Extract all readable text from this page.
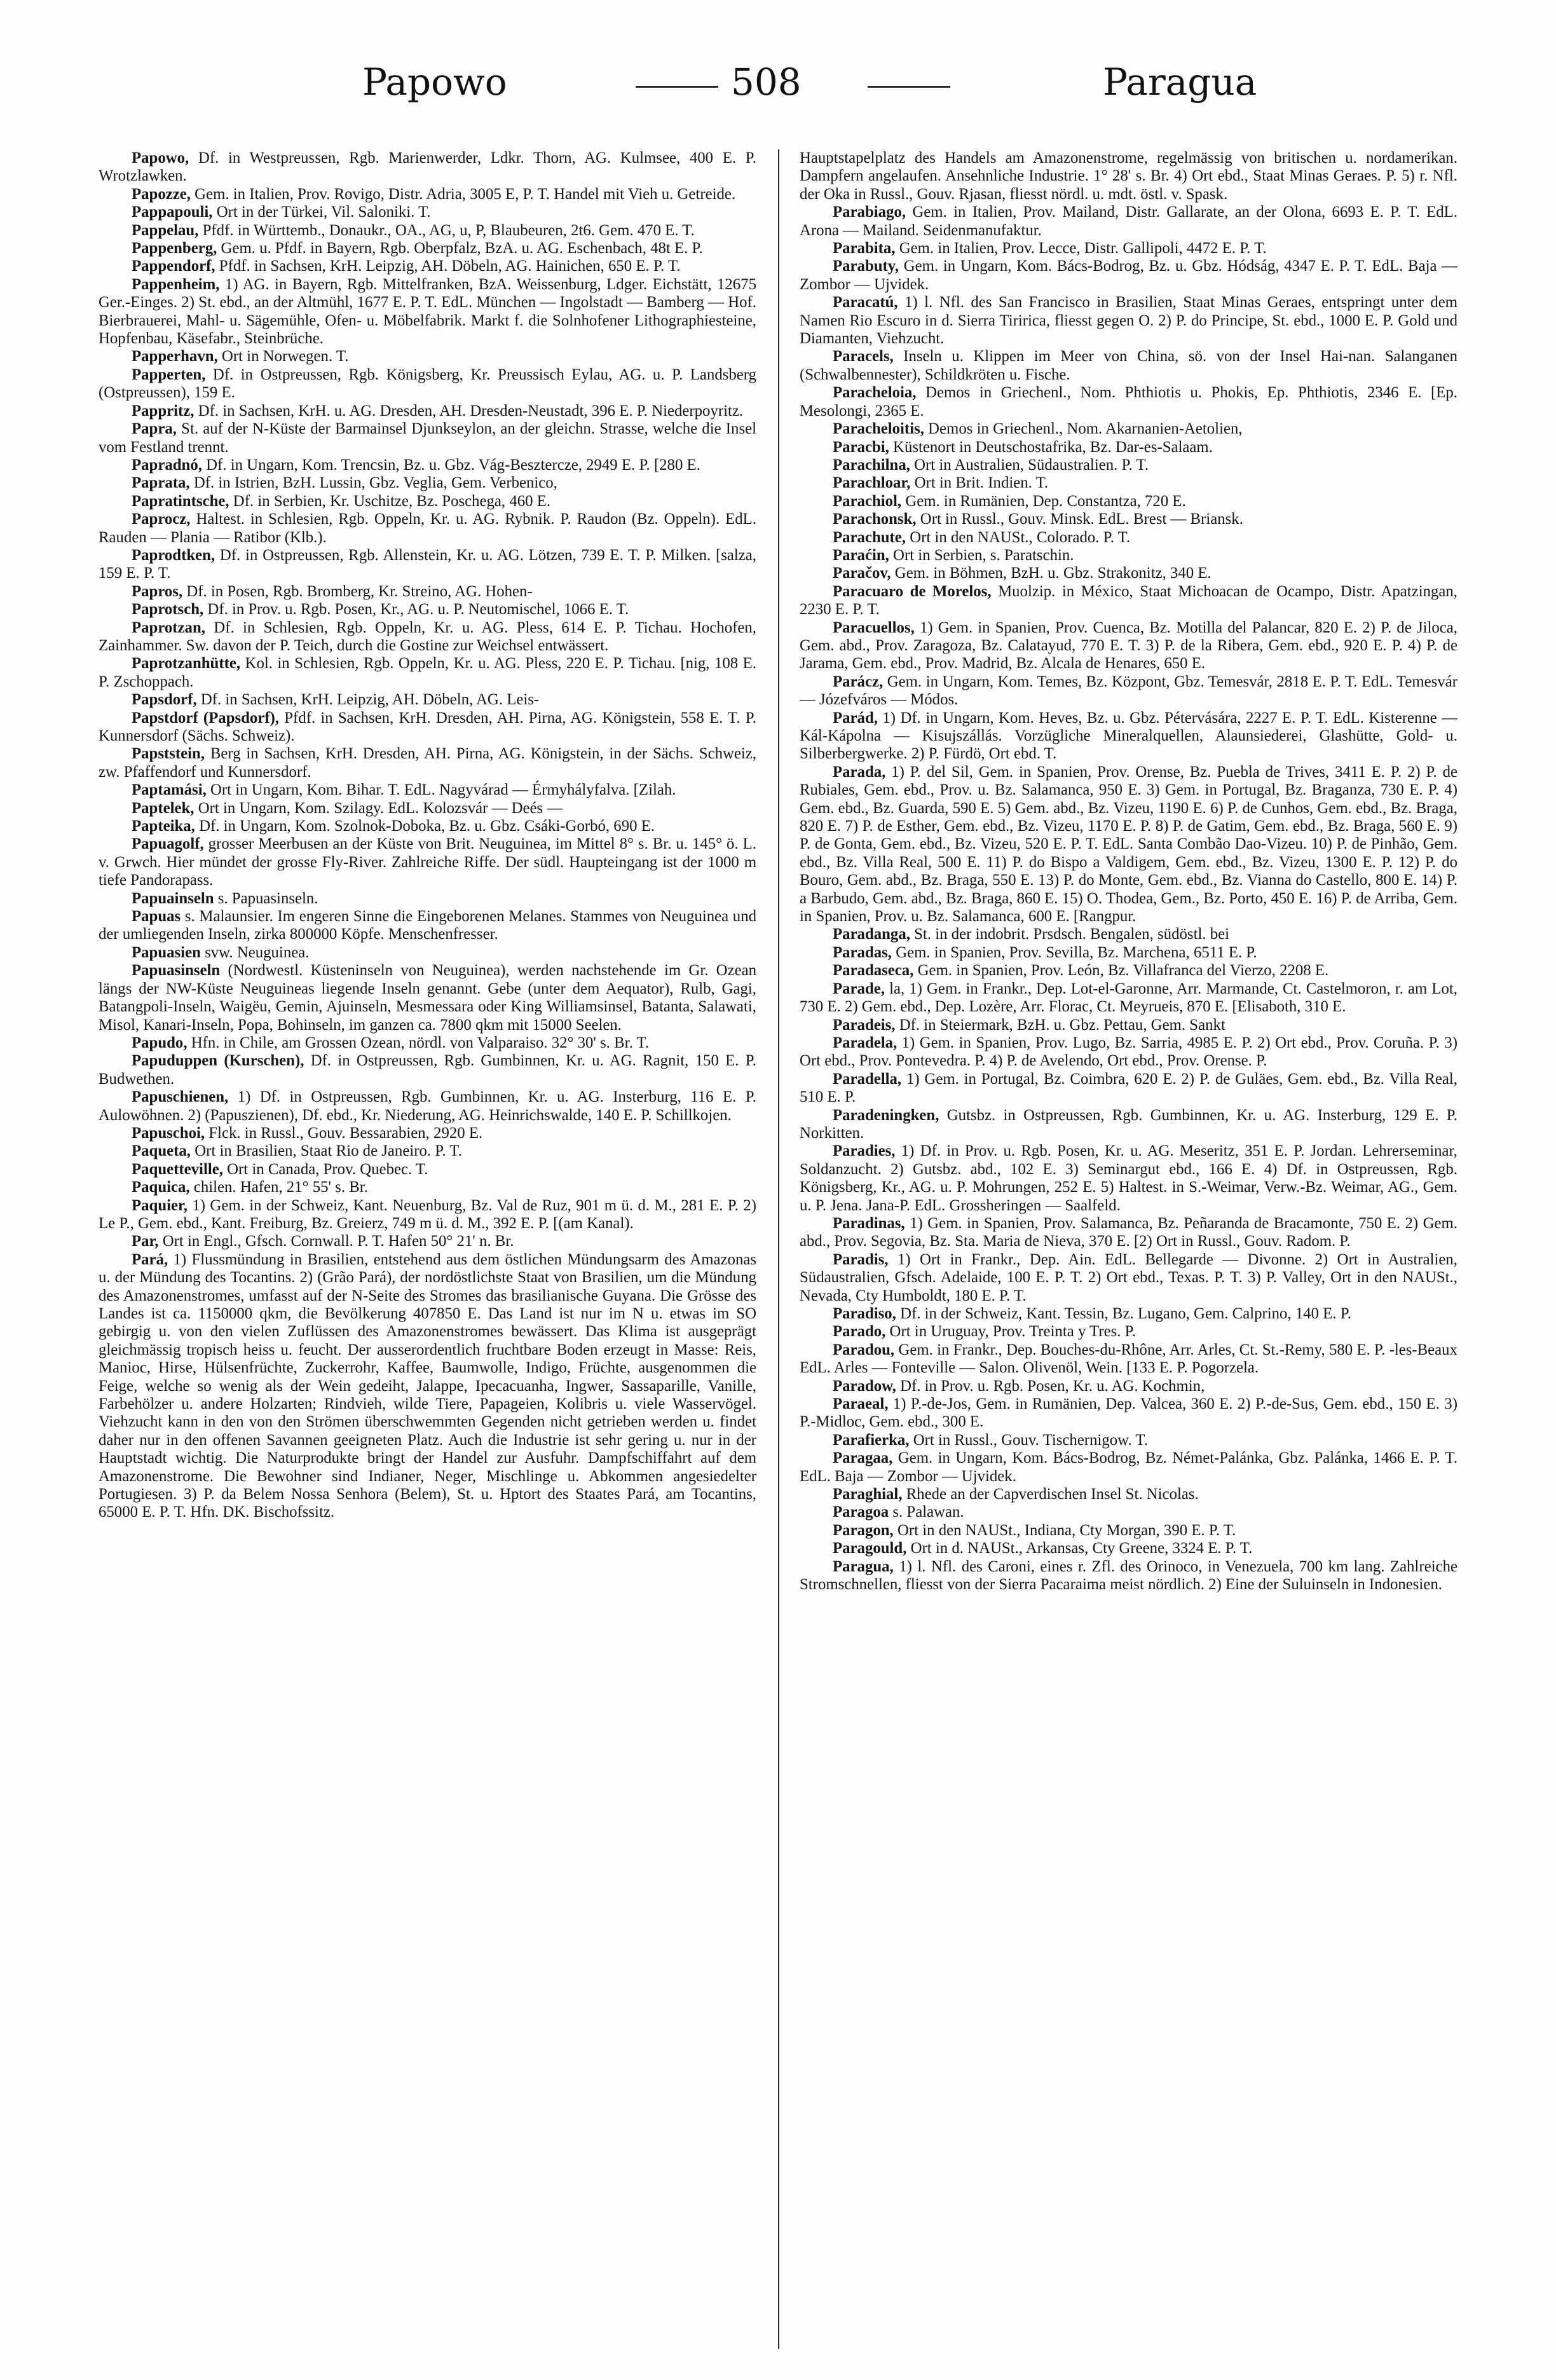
Papowo	508	Paragua

Papowo, Df. in Westpreussen, Rgb. Marienwerder, Ldkr. Thorn, AG. Kulmsee, 400 E. P. Wrotzlawken.

Papozze, Gem. in Italien, Prov. Rovigo, Distr. Adria, 3005 E, P. T. Handel mit Vieh u. Getreide.

Pappapouli, Ort in der Türkei, Vil. Saloniki. T.

Pappelau, Pfdf. in Württemb., Donaukr., OA., AG, u, P, Blaubeuren, 2t6. Gem. 470 E. T.

Pappenberg, Gem. u. Pfdf. in Bayern, Rgb. Oberpfalz, BzA. u. AG. Eschenbach, 48t E. P.

Pappendorf, Pfdf. in Sachsen, KrH. Leipzig, AH. Döbeln, AG. Hainichen, 650 E. P. T.

Pappenheim, 1) AG. in Bayern, Rgb. Mittelfranken, BzA. Weissenburg, Ldger. Eichstätt, 12675 Ger.-Einges. 2) St. ebd., an der Altmühl, 1677 E. P. T. EdL. München — Ingolstadt — Bamberg — Hof. Bierbrauerei, Mahl- u. Sägemühle, Ofen- u. Möbelfabrik. Markt f. die Solnhofener Lithographiesteine, Hopfenbau, Käsefabr., Steinbrüche.

Papperhavn, Ort in Norwegen. T.

Papperten, Df. in Ostpreussen, Rgb. Königsberg, Kr. Preussisch Eylau, AG. u. P. Landsberg (Ostpreussen), 159 E.

Pappritz, Df. in Sachsen, KrH. u. AG. Dresden, AH. Dresden-Neustadt, 396 E. P. Niederpoyritz.

Papra, St. auf der N-Küste der Barmainsel Djunkseylon, an der gleichn. Strasse, welche die Insel vom Festland trennt.

Papradnó, Df. in Ungarn, Kom. Trencsin, Bz. u. Gbz. Vág-Besztercze, 2949 E. P. [280 E.

Paprata, Df. in Istrien, BzH. Lussin, Gbz. Veglia, Gem. Verbenico,

Papratintsche, Df. in Serbien, Kr. Uschitze, Bz. Poschega, 460 E.

Paprocz, Haltest. in Schlesien, Rgb. Oppeln, Kr. u. AG. Rybnik. P. Raudon (Bz. Oppeln). EdL. Rauden — Plania — Ratibor (Klb.).

Paprodtken, Df. in Ostpreussen, Rgb. Allenstein, Kr. u. AG. Lötzen, 739 E. T. P. Milken. [salza, 159 E. P. T.

Papros, Df. in Posen, Rgb. Bromberg, Kr. Streino, AG. Hohen-

Paprotsch, Df. in Prov. u. Rgb. Posen, Kr., AG. u. P. Neutomischel, 1066 E. T.

Paprotzan, Df. in Schlesien, Rgb. Oppeln, Kr. u. AG. Pless, 614 E. P. Tichau. Hochofen, Zainhammer. Sw. davon der P. Teich, durch die Gostine zur Weichsel entwässert.

Paprotzanhütte, Kol. in Schlesien, Rgb. Oppeln, Kr. u. AG. Pless, 220 E. P. Tichau. [nig, 108 E. P. Zschoppach.

Papsdorf, Df. in Sachsen, KrH. Leipzig, AH. Döbeln, AG. Leis-

Papstdorf (Papsdorf), Pfdf. in Sachsen, KrH. Dresden, AH. Pirna, AG. Königstein, 558 E. T. P. Kunnersdorf (Sächs. Schweiz).

Papststein, Berg in Sachsen, KrH. Dresden, AH. Pirna, AG. Königstein, in der Sächs. Schweiz, zw. Pfaffendorf und Kunnersdorf.

Paptamási, Ort in Ungarn, Kom. Bihar. T. EdL. Nagyvárad — Érmyhályfalva. [Zilah.

Paptelek, Ort in Ungarn, Kom. Szilagy. EdL. Kolozsvár — Deés —

Papteika, Df. in Ungarn, Kom. Szolnok-Doboka, Bz. u. Gbz. Csáki-Gorbó, 690 E.

Papuagolf, grosser Meerbusen an der Küste von Brit. Neuguinea, im Mittel 8° s. Br. u. 145° ö. L. v. Grwch. Hier mündet der grosse Fly-River. Zahlreiche Riffe. Der südl. Haupteingang ist der 1000 m tiefe Pandorapass.

Papuainseln s. Papuasinseln.

Papuas s. Malaunsier. Im engeren Sinne die Eingeborenen Melanes. Stammes von Neuguinea und der umliegenden Inseln, zirka 800000 Köpfe. Menschenfresser.

Papuasien svw. Neuguinea.

Papuasinseln (Nordwestl. Küsteninseln von Neuguinea), werden nachstehende im Gr. Ozean längs der NW-Küste Neuguineas liegende Inseln genannt. Gebe (unter dem Aequator), Rulb, Gagi, Batangpoli-Inseln, Waigëu, Gemin, Ajuinseln, Mesmessara oder King Williamsinsel, Batanta, Salawati, Misol, Kanari-Inseln, Popa, Bohinseln, im ganzen ca. 7800 qkm mit 15000 Seelen.

Papudo, Hfn. in Chile, am Grossen Ozean, nördl. von Valparaiso. 32° 30' s. Br. T.

Papuduppen (Kurschen), Df. in Ostpreussen, Rgb. Gumbinnen, Kr. u. AG. Ragnit, 150 E. P. Budwethen.

Papuschienen, 1) Df. in Ostpreussen, Rgb. Gumbinnen, Kr. u. AG. Insterburg, 116 E. P. Aulowöhnen. 2) (Papuszienen), Df. ebd., Kr. Niederung, AG. Heinrichswalde, 140 E. P. Schillkojen.

Papuschoi, Flck. in Russl., Gouv. Bessarabien, 2920 E.

Paqueta, Ort in Brasilien, Staat Rio de Janeiro. P. T.

Paquetteville, Ort in Canada, Prov. Quebec. T.

Paquica, chilen. Hafen, 21° 55' s. Br.

Paquier, 1) Gem. in der Schweiz, Kant. Neuenburg, Bz. Val de Ruz, 901 m ü. d. M., 281 E. P. 2) Le P., Gem. ebd., Kant. Freiburg, Bz. Greierz, 749 m ü. d. M., 392 E. P. [(am Kanal).

Par, Ort in Engl., Gfsch. Cornwall. P. T. Hafen 50° 21' n. Br.

Pará, 1) Flussmündung in Brasilien, entstehend aus dem östlichen Mündungsarm des Amazonas u. der Mündung des Tocantins. 2) (Grão Pará), der nordöstlichste Staat von Brasilien, um die Mündung des Amazonenstromes, umfasst auf der N-Seite des Stromes das brasilianische Guyana. Die Grösse des Landes ist ca. 1150000 qkm, die Bevölkerung 407850 E. Das Land ist nur im N u. etwas im SO gebirgig u. von den vielen Zuflüssen des Amazonenstromes bewässert. Das Klima ist ausgeprägt gleichmässig tropisch heiss u. feucht. Der ausserordentlich fruchtbare Boden erzeugt in Masse: Reis, Manioc, Hirse, Hülsenfrüchte, Zuckerrohr, Kaffee, Baumwolle, Indigo, Früchte, ausgenommen die Feige, welche so wenig als der Wein gedeiht, Jalappe, Ipecacuanha, Ingwer, Sassaparille, Vanille, Farbehölzer u. andere Holzarten; Rindvieh, wilde Tiere, Papageien, Kolibris u. viele Wasservögel. Viehzucht kann in den von den Strömen überschwemmten Gegenden nicht getrieben werden u. findet daher nur in den offenen Savannen geeigneten Platz. Auch die Industrie ist sehr gering u. nur in der Hauptstadt wichtig. Die Naturprodukte bringt der Handel zur Ausfuhr. Dampfschiffahrt auf dem Amazonenstrome. Die Bewohner sind Indianer, Neger, Mischlinge u. Abkommen angesiedelter Portugiesen. 3) P. da Belem Nossa Senhora (Belem), St. u. Hptort des Staates Pará, am Tocantins, 65000 E. P. T. Hfn. DK. Bischofssitz.

Hauptstapelplatz des Handels am Amazonenstrome, regelmässig von britischen u. nordamerikan. Dampfern angelaufen. Ansehnliche Industrie. 1° 28' s. Br. 4) Ort ebd., Staat Minas Geraes. P. 5) r. Nfl. der Oka in Russl., Gouv. Rjasan, fliesst nördl. u. mdt. östl. v. Spask.

Parabiago, Gem. in Italien, Prov. Mailand, Distr. Gallarate, an der Olona, 6693 E. P. T. EdL. Arona — Mailand. Seidenmanufaktur.

Parabita, Gem. in Italien, Prov. Lecce, Distr. Gallipoli, 4472 E. P. T.

Parabuty, Gem. in Ungarn, Kom. Bács-Bodrog, Bz. u. Gbz. Hódság, 4347 E. P. T. EdL. Baja — Zombor — Ujvidek.

Paracatú, 1) l. Nfl. des San Francisco in Brasilien, Staat Minas Geraes, entspringt unter dem Namen Rio Escuro in d. Sierra Tiririca, fliesst gegen O. 2) P. do Principe, St. ebd., 1000 E. P. Gold und Diamanten, Viehzucht.

Paracels, Inseln u. Klippen im Meer von China, sö. von der Insel Hai-nan. Salanganen (Schwalbennester), Schildkröten u. Fische.

Paracheloia, Demos in Griechenl., Nom. Phthiotis u. Phokis, Ep. Phthiotis, 2346 E. [Ep. Mesolongi, 2365 E.

Paracheloitis, Demos in Griechenl., Nom. Akarnanien-Aetolien,

Paracbi, Küstenort in Deutschostafrika, Bz. Dar-es-Salaam.

Parachilna, Ort in Australien, Südaustralien. P. T.

Parachloar, Ort in Brit. Indien. T.

Parachiol, Gem. in Rumänien, Dep. Constantza, 720 E.

Parachonsk, Ort in Russl., Gouv. Minsk. EdL. Brest — Briansk.

Parachute, Ort in den NAUSt., Colorado. P. T.

Paraćin, Ort in Serbien, s. Paratschin.

Paračov, Gem. in Böhmen, BzH. u. Gbz. Strakonitz, 340 E.

Paracuaro de Morelos, Muolzip. in México, Staat Michoacan de Ocampo, Distr. Apatzingan, 2230 E. P. T.

Paracuellos, 1) Gem. in Spanien, Prov. Cuenca, Bz. Motilla del Palancar, 820 E. 2) P. de Jiloca, Gem. abd., Prov. Zaragoza, Bz. Calatayud, 770 E. T. 3) P. de la Ribera, Gem. ebd., 920 E. P. 4) P. de Jarama, Gem. ebd., Prov. Madrid, Bz. Alcala de Henares, 650 E.

Parácz, Gem. in Ungarn, Kom. Temes, Bz. Központ, Gbz. Temesvár, 2818 E. P. T. EdL. Temesvár — Józefváros — Módos.

Parád, 1) Df. in Ungarn, Kom. Heves, Bz. u. Gbz. Pétervására, 2227 E. P. T. EdL. Kisterenne — Kál-Kápolna — Kisujszállás. Vorzügliche Mineralquellen, Alaunsiederei, Glashütte, Gold- u. Silberbergwerke. 2) P. Fürdö, Ort ebd. T.

Parada, 1) P. del Sil, Gem. in Spanien, Prov. Orense, Bz. Puebla de Trives, 3411 E. P. 2) P. de Rubiales, Gem. ebd., Prov. u. Bz. Salamanca, 950 E. 3) Gem. in Portugal, Bz. Braganza, 730 E. P. 4) Gem. ebd., Bz. Guarda, 590 E. 5) Gem. abd., Bz. Vizeu, 1190 E. 6) P. de Cunhos, Gem. ebd., Bz. Braga, 820 E. 7) P. de Esther, Gem. ebd., Bz. Vizeu, 1170 E. P. 8) P. de Gatim, Gem. ebd., Bz. Braga, 560 E. 9) P. de Gonta, Gem. ebd., Bz. Vizeu, 520 E. P. T. EdL. Santa Combão Dao-Vizeu. 10) P. de Pinhão, Gem. ebd., Bz. Villa Real, 500 E. 11) P. do Bispo a Valdigem, Gem. ebd., Bz. Vizeu, 1300 E. P. 12) P. do Bouro, Gem. abd., Bz. Braga, 550 E. 13) P. do Monte, Gem. ebd., Bz. Vianna do Castello, 800 E. 14) P. a Barbudo, Gem. abd., Bz. Braga, 860 E. 15) O. Thodea, Gem., Bz. Porto, 450 E. 16) P. de Arriba, Gem. in Spanien, Prov. u. Bz. Salamanca, 600 E. [Rangpur.

Paradanga, St. in der indobrit. Prsdsch. Bengalen, südöstl. bei

Paradas, Gem. in Spanien, Prov. Sevilla, Bz. Marchena, 6511 E. P.

Paradaseca, Gem. in Spanien, Prov. León, Bz. Villafranca del Vierzo, 2208 E.

Parade, la, 1) Gem. in Frankr., Dep. Lot-el-Garonne, Arr. Marmande, Ct. Castelmoron, r. am Lot, 730 E. 2) Gem. ebd., Dep. Lozère, Arr. Florac, Ct. Meyrueis, 870 E. [Elisaboth, 310 E.

Paradeis, Df. in Steiermark, BzH. u. Gbz. Pettau, Gem. Sankt

Paradela, 1) Gem. in Spanien, Prov. Lugo, Bz. Sarria, 4985 E. P. 2) Ort ebd., Prov. Coruña. P. 3) Ort ebd., Prov. Pontevedra. P. 4) P. de Avelendo, Ort ebd., Prov. Orense. P.

Paradella, 1) Gem. in Portugal, Bz. Coimbra, 620 E. 2) P. de Guläes, Gem. ebd., Bz. Villa Real, 510 E. P.

Paradeningken, Gutsbz. in Ostpreussen, Rgb. Gumbinnen, Kr. u. AG. Insterburg, 129 E. P. Norkitten.

Paradies, 1) Df. in Prov. u. Rgb. Posen, Kr. u. AG. Meseritz, 351 E. P. Jordan. Lehrerseminar, Soldanzucht. 2) Gutsbz. abd., 102 E. 3) Seminargut ebd., 166 E. 4) Df. in Ostpreussen, Rgb. Königsberg, Kr., AG. u. P. Mohrungen, 252 E. 5) Haltest. in S.-Weimar, Verw.-Bz. Weimar, AG., Gem. u. P. Jena. Jana-P. EdL. Grossheringen — Saalfeld.

Paradinas, 1) Gem. in Spanien, Prov. Salamanca, Bz. Peñaranda de Bracamonte, 750 E. 2) Gem. abd., Prov. Segovia, Bz. Sta. Maria de Nieva, 370 E. [2) Ort in Russl., Gouv. Radom. P.

Paradis, 1) Ort in Frankr., Dep. Ain. EdL. Bellegarde — Divonne. 2) Ort in Australien, Südaustralien, Gfsch. Adelaide, 100 E. P. T. 2) Ort ebd., Texas. P. T. 3) P. Valley, Ort in den NAUSt., Nevada, Cty Humboldt, 180 E. P. T.

Paradiso, Df. in der Schweiz, Kant. Tessin, Bz. Lugano, Gem. Calprino, 140 E. P.

Parado, Ort in Uruguay, Prov. Treinta y Tres. P.

Paradou, Gem. in Frankr., Dep. Bouches-du-Rhône, Arr. Arles, Ct. St.-Remy, 580 E. P. -les-Beaux EdL. Arles — Fonteville — Salon. Olivenöl, Wein. [133 E. P. Pogorzela.

Paradow, Df. in Prov. u. Rgb. Posen, Kr. u. AG. Kochmin,

Paraeal, 1) P.-de-Jos, Gem. in Rumänien, Dep. Valcea, 360 E. 2) P.-de-Sus, Gem. ebd., 150 E. 3) P.-Midloc, Gem. ebd., 300 E.

Parafierka, Ort in Russl., Gouv. Tischernigow. T.

Paragaa, Gem. in Ungarn, Kom. Bács-Bodrog, Bz. Német-Palánka, Gbz. Palánka, 1466 E. P. T. EdL. Baja — Zombor — Ujvidek.

Paraghial, Rhede an der Capverdischen Insel St. Nicolas.

Paragoa s. Palawan.

Paragon, Ort in den NAUSt., Indiana, Cty Morgan, 390 E. P. T.

Paragould, Ort in d. NAUSt., Arkansas, Cty Greene, 3324 E. P. T.

Paragua, 1) l. Nfl. des Caroni, eines r. Zfl. des Orinoco, in Venezuela, 700 km lang. Zahlreiche Stromschnellen, fliesst von der Sierra Pacaraima meist nördlich. 2) Eine der Suluinseln in Indonesien.
